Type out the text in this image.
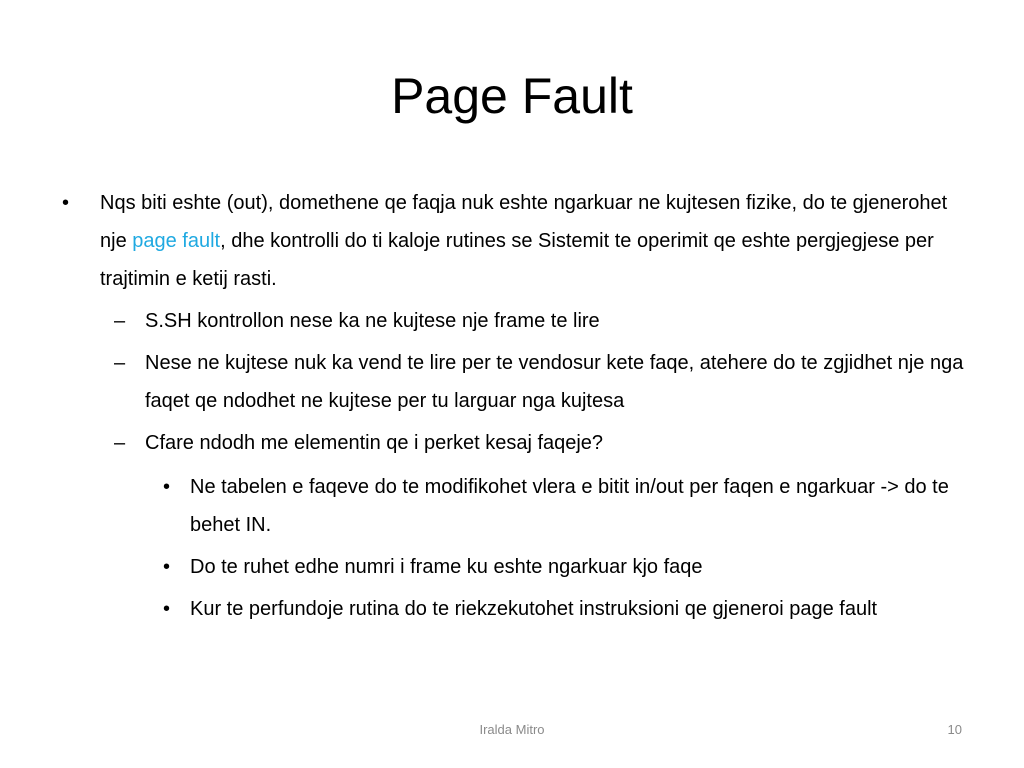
Page Fault
• Nqs biti eshte (out), domethene qe faqja nuk eshte ngarkuar ne kujtesen fizike, do te gjenerohet nje page fault, dhe kontrolli do ti kaloje rutines se Sistemit te operimit qe eshte pergjegjese per trajtimin e ketij rasti.
– S.SH kontrollon nese ka ne kujtese nje frame te lire
– Nese ne kujtese nuk ka vend te lire per te vendosur kete faqe, atehere do te zgjidhet nje nga faqet qe ndodhet ne kujtese per tu larguar nga kujtesa
– Cfare ndodh me elementin qe i perket kesaj faqeje?
• Ne tabelen e faqeve do te modifikohet vlera e bitit in/out per faqen e ngarkuar -> do te behet IN.
• Do te ruhet edhe numri i frame ku eshte ngarkuar kjo faqe
• Kur te perfundoje rutina do te riekzekutohet instruksioni qe gjeneroi page fault
Iralda Mitro	10
